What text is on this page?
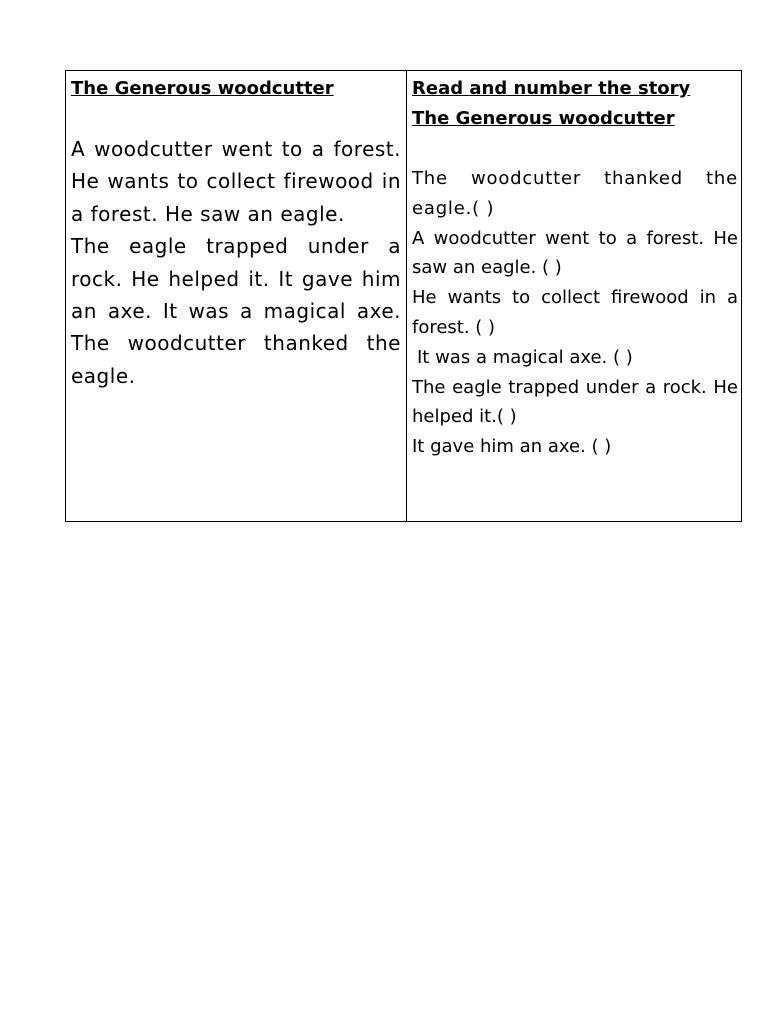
The Generous woodcutter

A woodcutter went to a forest. He wants to collect firewood in a forest. He saw an eagle.

The eagle trapped under a rock. He helped it. It gave him an axe. It was a magical axe. The woodcutter thanked the eagle.

Read and number the story
The Generous woodcutter
The woodcutter thanked the eagle.( )
A woodcutter went to a forest. He saw an eagle. ( )
He wants to collect firewood in a forest. ( )
It was a magical axe. ( )
The eagle trapped under a rock. He helped it.( )
It gave him an axe. ( )
